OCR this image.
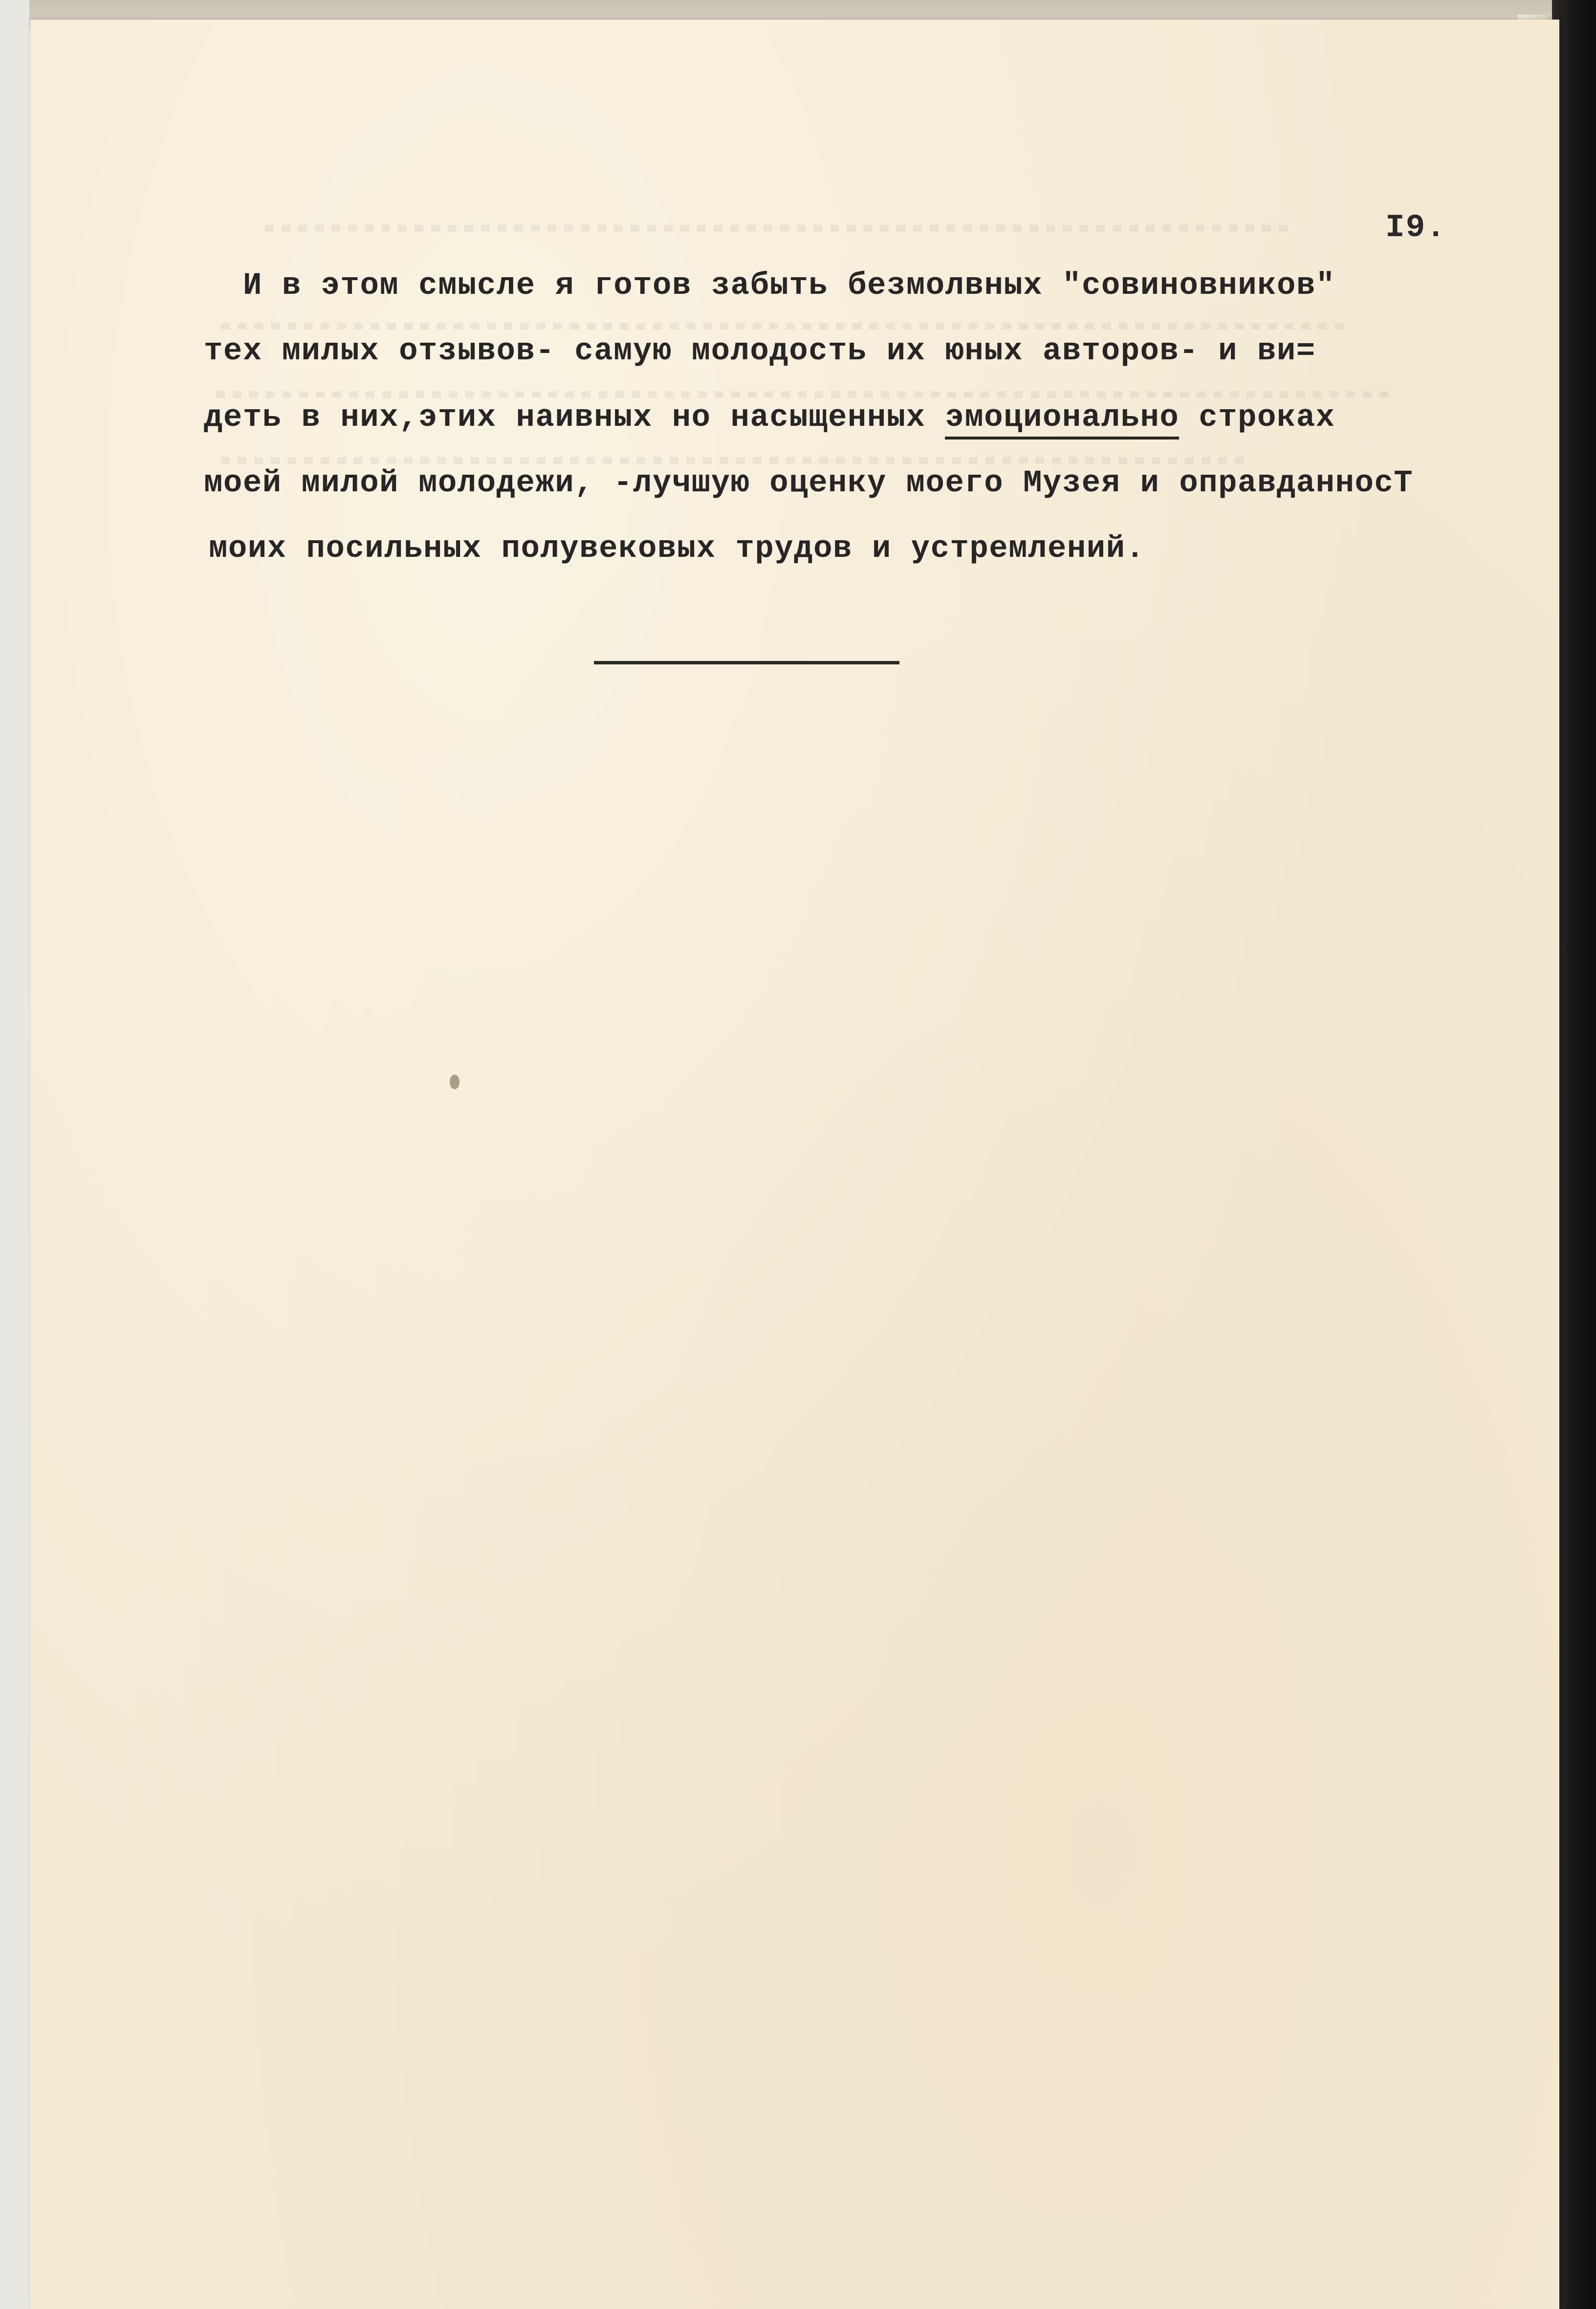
I9.
И в этом смысле я готов забыть безмолвных "совиновников"
тех милых отзывов- самую молодость их юных авторов- и ви=
деть в них,этих наивных но насыщенных эмоционально строках
моей милой молодежи, -лучшую оценку моего Музея и оправданносТ
моих посильных полувековых трудов и устремлений.
